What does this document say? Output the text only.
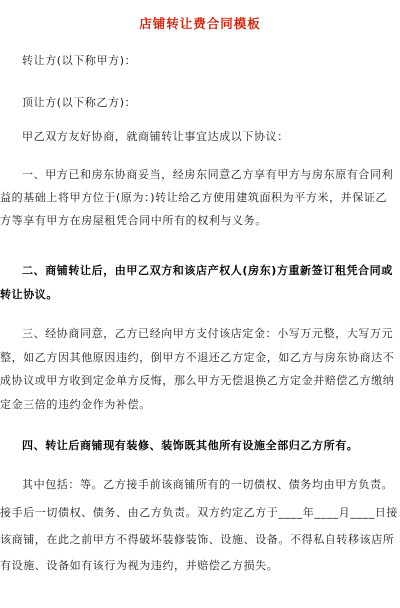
店铺转让费合同模板
转让方(以下称甲方)：
顶让方(以下称乙方)：
甲乙双方友好协商，就商铺转让事宜达成以下协议：
一、甲方已和房东协商妥当，经房东同意乙方享有甲方与房东原有合同利
益的基础上将甲方位于(原为：)转让给乙方使用建筑面积为平方米，并保证乙
方等享有甲方在房屋租凭合同中所有的权利与义务。
二、商铺转让后，由甲乙双方和该店产权人(房东)方重新签订租凭合同或
转让协议。
三、经协商同意，乙方已经向甲方支付该店定金：小写万元整，大写万元
整，如乙方因其他原因违约，倒甲方不退还乙方定金，如乙方与房东协商达不
成协议或甲方收到定金单方反悔，那么甲方无偿退换乙方定金并赔偿乙方缴纳
定金三倍的违约金作为补偿。
四、转让后商铺现有装修、装饰既其他所有设施全部归乙方所有。
其中包括：等。乙方接手前该商铺所有的一切债权、债务均由甲方负责。
接手后一切债权、债务、由乙方负责。双方约定乙方于____年____月____日接
该商铺，在此之前甲方不得破坏装修装饰、设施、设备。不得私自转移该店所
有设施、设备如有该行为视为违约，并赔偿乙方损失。
